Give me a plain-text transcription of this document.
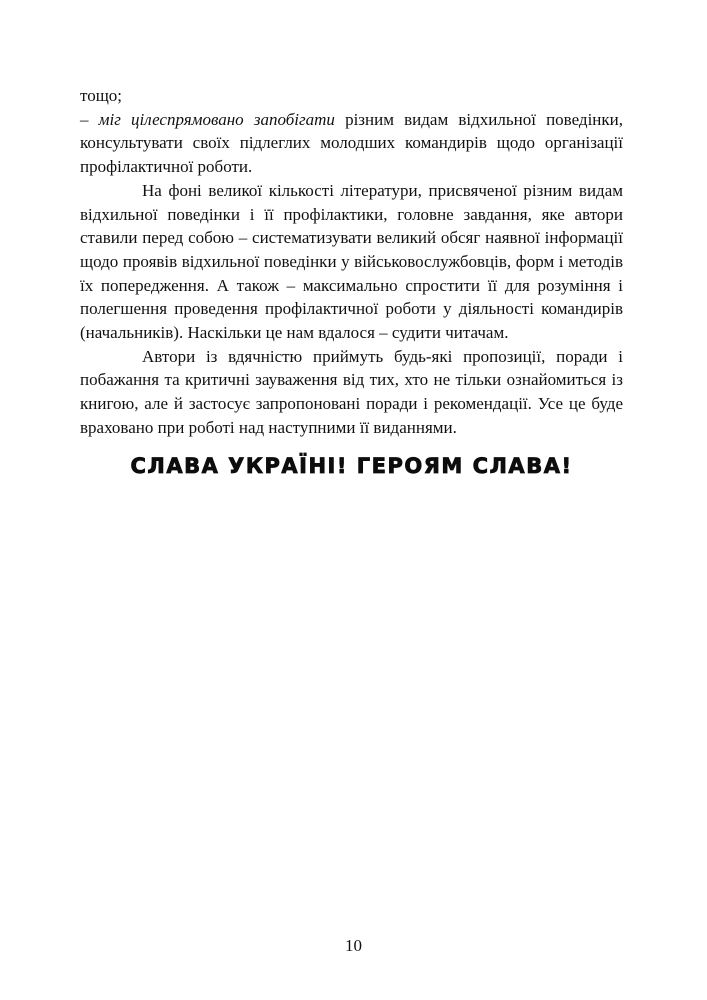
тощо;

– міг цілеспрямовано запобігати різним видам відхильної поведінки, консультувати своїх підлеглих молодших командирів щодо організації профілактичної роботи.

На фоні великої кількості літератури, присвяченої різним видам відхильної поведінки і її профілактики, головне завдання, яке автори ставили перед собою – систематизувати великий обсяг наявної інформації щодо проявів відхильної поведінки у військовослужбовців, форм і методів їх попередження. А також – максимально спростити її для розуміння і полегшення проведення профілактичної роботи у діяльності командирів (начальників). Наскільки це нам вдалося – судити читачам.

Автори із вдячністю приймуть будь-які пропозиції, поради і побажання та критичні зауваження від тих, хто не тільки ознайомиться із книгою, але й застосує запропоновані поради і рекомендації. Усе це буде враховано при роботі над наступними її виданнями.

СЛАВА УКРАЇНІ! ГЕРОЯМ СЛАВА!
10
